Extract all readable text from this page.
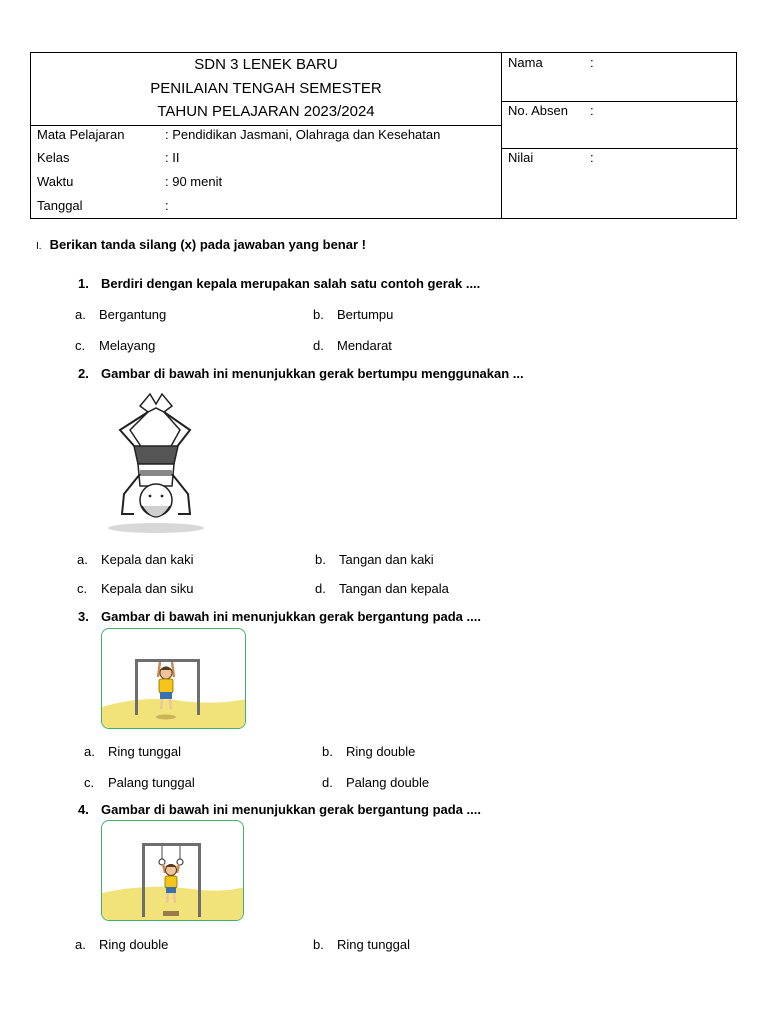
SDN 3 LENEK BARU
PENILAIAN TENGAH SEMESTER
TAHUN PELAJARAN 2023/2024
Mata Pelajaran	: Pendidikan Jasmani, Olahraga dan Kesehatan
Kelas	: II
Waktu	: 90 menit
Tanggal	:
Nama	:
No. Absen :
Nilai	:
I. Berikan tanda silang (x) pada jawaban yang benar !
1. Berdiri dengan kepala merupakan salah satu contoh gerak ....
a. Bergantung	b. Bertumpu
c. Melayang	d. Mendarat
2. Gambar di bawah ini menunjukkan gerak bertumpu menggunakan ...
a. Kepala dan kaki	b. Tangan dan kaki
c. Kepala dan siku	d. Tangan dan kepala
3. Gambar di bawah ini menunjukkan gerak bergantung pada ....
a. Ring tunggal	b. Ring double
c. Palang tunggal	d. Palang double
4. Gambar di bawah ini menunjukkan gerak bergantung pada ....
a. Ring double	b. Ring tunggal
